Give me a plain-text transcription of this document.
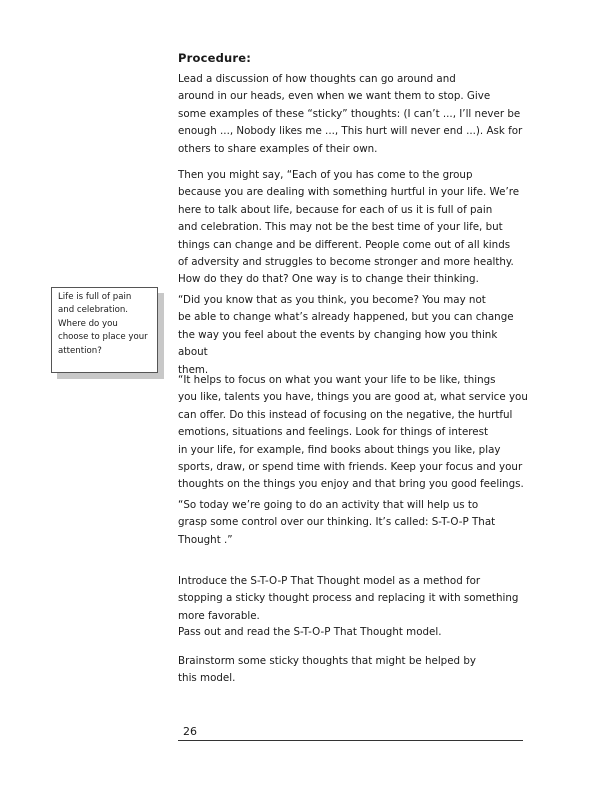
Procedure:

Lead a discussion of how thoughts can go around and
around in our heads, even when we want them to stop. Give
some examples of these “sticky” thoughts: (I can’t ..., I’ll never be
enough ..., Nobody likes me ..., This hurt will never end ...). Ask for
others to share examples of their own.

Then you might say, “Each of you has come to the group
because you are dealing with something hurtful in your life. We’re
here to talk about life, because for each of us it is full of pain
and celebration. This may not be the best time of your life, but
things can change and be different. People come out of all kinds
of adversity and struggles to become stronger and more healthy.
How do they do that? One way is to change their thinking.

“Did you know that as you think, you become? You may not
be able to change what’s already happened, but you can change
the way you feel about the events by changing how you think about
them.

“It helps to focus on what you want your life to be like, things
you like, talents you have, things you are good at, what service you
can offer. Do this instead of focusing on the negative, the hurtful
emotions, situations and feelings. Look for things of interest
in your life, for example, find books about things you like, play
sports, draw, or spend time with friends. Keep your focus and your
thoughts on the things you enjoy and that bring you good feelings.

“So today we’re going to do an activity that will help us to
grasp some control over our thinking. It’s called: S-T-O-P That
Thought .”

Introduce the S-T-O-P That Thought model as a method for
stopping a sticky thought process and replacing it with something
more favorable.

Pass out and read the S-T-O-P That Thought model.

Brainstorm some sticky thoughts that might be helped by
this model.

Life is full of pain
and celebration.
Where do you
choose to place your
attention?
26
